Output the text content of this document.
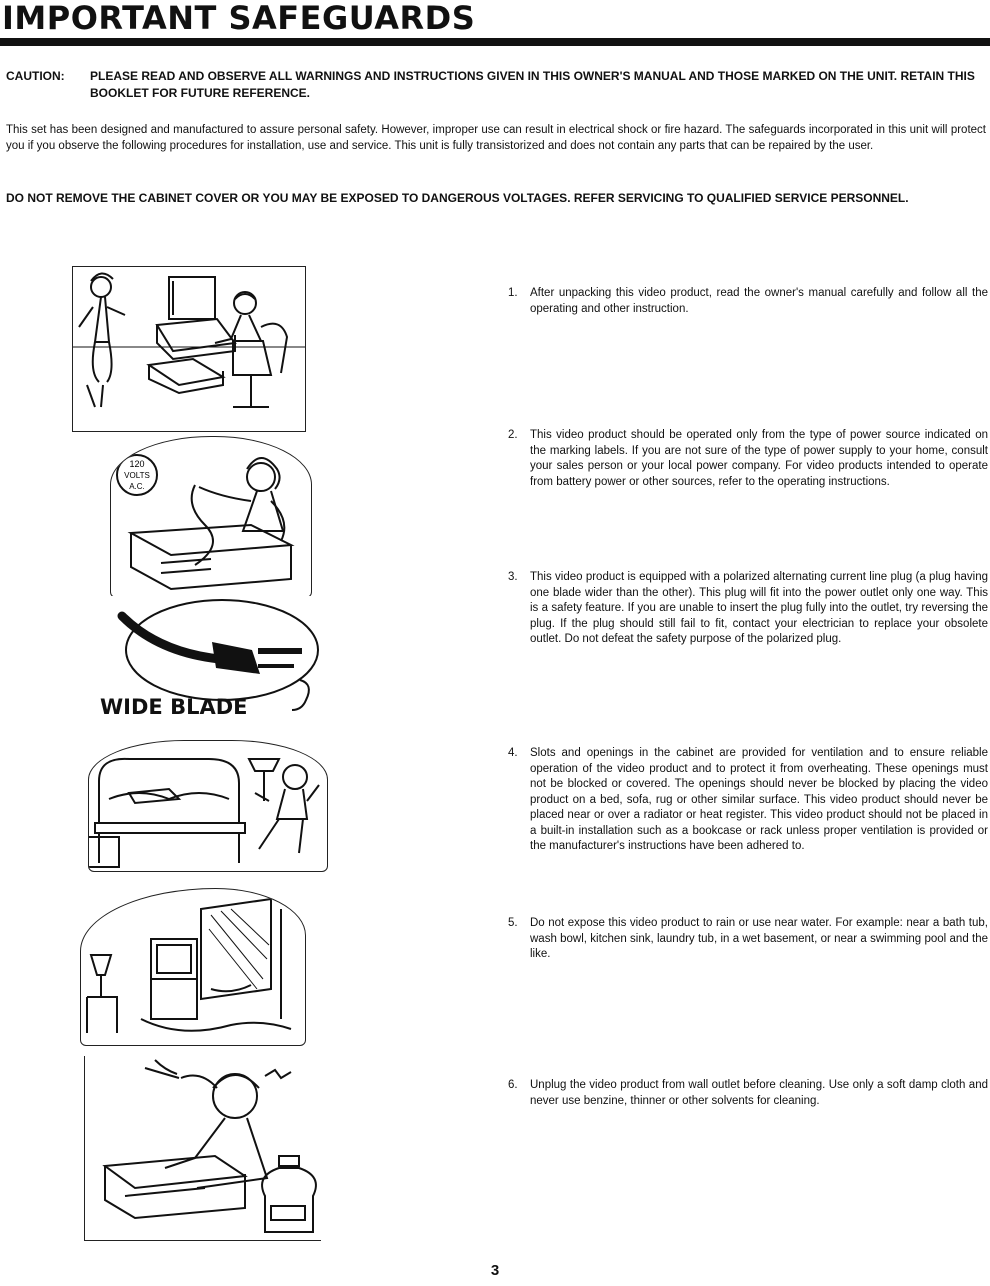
IMPORTANT SAFEGUARDS
CAUTION: PLEASE READ AND OBSERVE ALL WARNINGS AND INSTRUCTIONS GIVEN IN THIS OWNER'S MANUAL AND THOSE MARKED ON THE UNIT. RETAIN THIS BOOKLET FOR FUTURE REFERENCE.

This set has been designed and manufactured to assure personal safety. However, improper use can result in electrical shock or fire hazard. The safeguards incorporated in this unit will protect you if you observe the following procedures for installation, use and service. This unit is fully transistorized and does not contain any parts that can be repaired by the user.

DO NOT REMOVE THE CABINET COVER OR YOU MAY BE EXPOSED TO DANGEROUS VOLTAGES. REFER SERVICING TO QUALIFIED SERVICE PERSONNEL.

120
VOLTS
A.C.
WIDE BLADE
1. After unpacking this video product, read the owner's manual carefully and follow all the operating and other instruction.
2. This video product should be operated only from the type of power source indicated on the marking labels. If you are not sure of the type of power supply to your home, consult your sales person or your local power company. For video products intended to operate from battery power or other sources, refer to the operating instructions.
3. This video product is equipped with a polarized alternating current line plug (a plug having one blade wider than the other). This plug will fit into the power outlet only one way. This is a safety feature. If you are unable to insert the plug fully into the outlet, try reversing the plug. If the plug should still fail to fit, contact your electrician to replace your obsolete outlet. Do not defeat the safety purpose of the polarized plug.
4. Slots and openings in the cabinet are provided for ventilation and to ensure reliable operation of the video product and to protect it from overheating. These openings must not be blocked or covered. The openings should never be blocked by placing the video product on a bed, sofa, rug or other similar surface. This video product should never be placed near or over a radiator or heat register. This video product should not be placed in a built-in installation such as a bookcase or rack unless proper ventilation is provided or the manufacturer's instructions have been adhered to.
5. Do not expose this video product to rain or use near water. For example: near a bath tub, wash bowl, kitchen sink, laundry tub, in a wet basement, or near a swimming pool and the like.
6. Unplug the video product from wall outlet before cleaning. Use only a soft damp cloth and never use benzine, thinner or other solvents for cleaning.
3
